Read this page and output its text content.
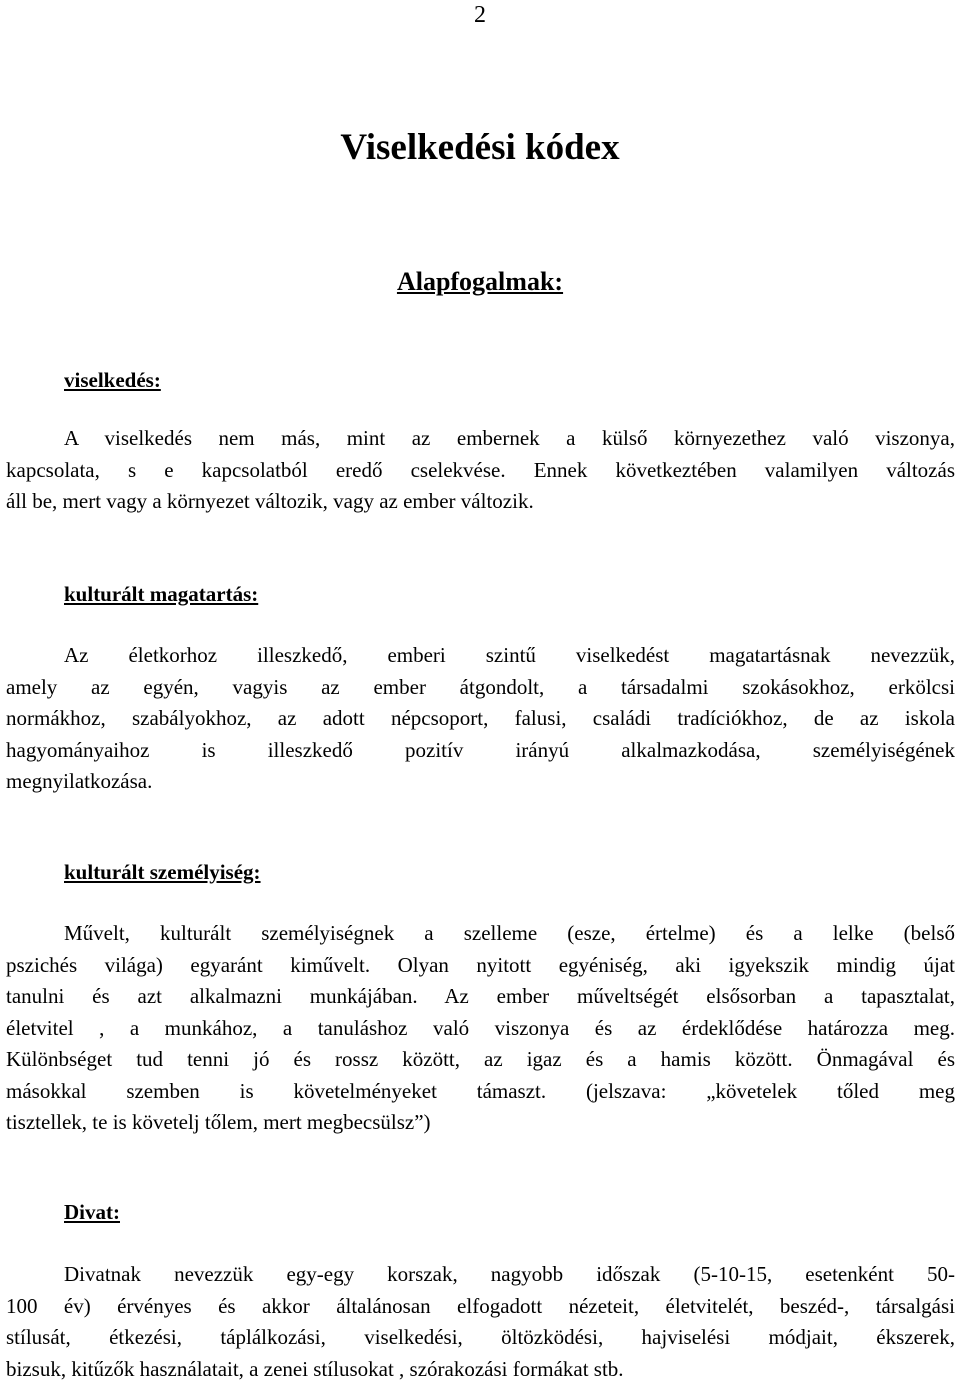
2
Viselkedési kódex
Alapfogalmak:
viselkedés:
A viselkedés nem más, mint az embernek a külső környezethez való viszonya,
kapcsolata, s e kapcsolatból eredő cselekvése. Ennek következtében valamilyen változás
áll be, mert vagy a környezet változik, vagy az ember változik.
kulturált magatartás:
Az életkorhoz illeszkedő, emberi szintű viselkedést magatartásnak nevezzük,
amely az egyén, vagyis az ember átgondolt, a társadalmi szokásokhoz, erkölcsi
normákhoz, szabályokhoz, az adott népcsoport, falusi, családi tradíciókhoz, de az iskola
hagyományaihoz is illeszkedő pozitív irányú alkalmazkodása, személyiségének
megnyilatkozása.
kulturált személyiség:
Művelt, kulturált személyiségnek a szelleme (esze, értelme) és a lelke (belső
pszichés világa) egyaránt kiművelt. Olyan nyitott egyéniség, aki igyekszik mindig újat
tanulni és azt alkalmazni munkájában. Az ember műveltségét elsősorban a tapasztalat,
életvitel , a munkához, a tanuláshoz való viszonya és az érdeklődése határozza meg.
Különbséget tud tenni jó és rossz között, az igaz és a hamis között. Önmagával és
másokkal szemben is követelményeket támaszt. (jelszava: „követelek tőled meg
tisztellek, te is követelj tőlem, mert megbecsülsz”)
Divat:
Divatnak nevezzük egy-egy korszak, nagyobb időszak (5-10-15, esetenként 50-
100 év) érvényes és akkor általánosan elfogadott nézeteit, életvitelét, beszéd-, társalgási
stílusát, étkezési, táplálkozási, viselkedési, öltözködési, hajviselési módjait, ékszerek,
bizsuk, kitűzők használatait, a zenei stílusokat , szórakozási formákat stb.
